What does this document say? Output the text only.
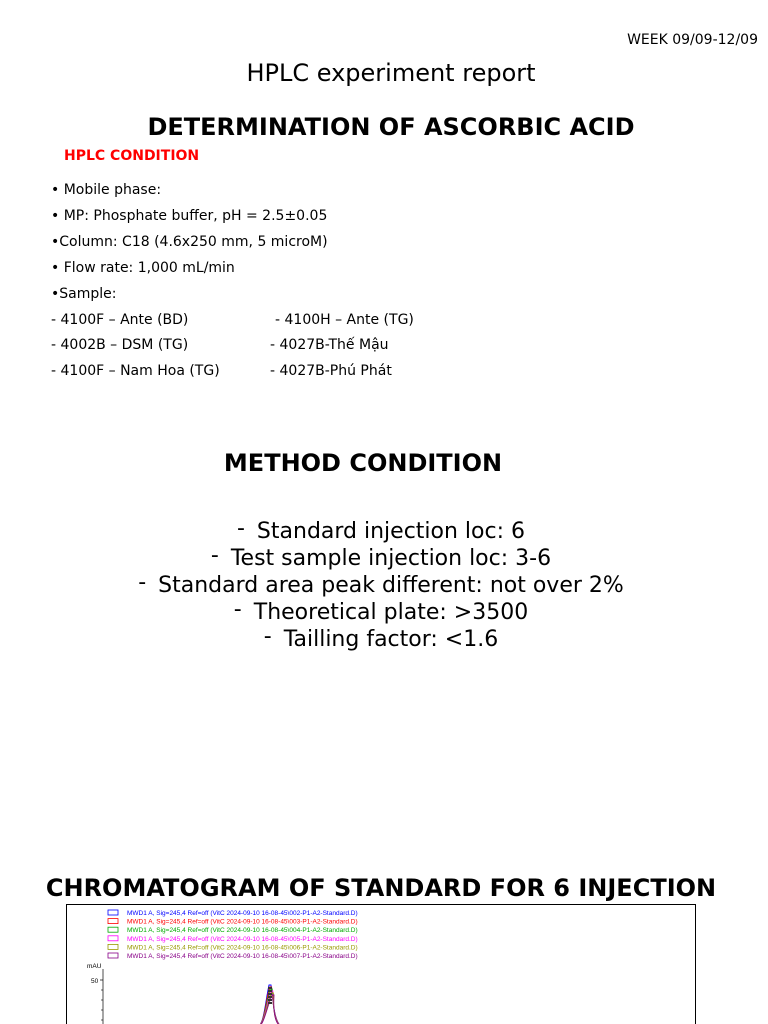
WEEK 09/09-12/09
HPLC experiment report
DETERMINATION OF ASCORBIC ACID
HPLC CONDITION
• Mobile phase:
• MP: Phosphate buffer, pH = 2.5±0.05
•Column: C18 (4.6x250 mm, 5 microM)
• Flow rate: 1,000 mL/min
•Sample:
- 4100F – Ante (BD)	- 4100H – Ante (TG)
- 4002B – DSM (TG)	- 4027B-Thế Mậu
- 4100F – Nam Hoa (TG)	- 4027B-Phú Phát
METHOD CONDITION
- Standard injection loc: 6
- Test sample injection loc: 3-6
- Standard area peak different: not over 2%
- Theoretical plate: >3500
- Tailling factor: <1.6
CHROMATOGRAM OF STANDARD FOR 6 INJECTION
MWD1 A, Sig=245,4 Ref=off (VitC 2024-09-10 16-08-45\002-P1-A2-Standard.D)
MWD1 A, Sig=245,4 Ref=off (VitC 2024-09-10 16-08-45\003-P1-A2-Standard.D)
MWD1 A, Sig=245,4 Ref=off (VitC 2024-09-10 16-08-45\004-P1-A2-Standard.D)
MWD1 A, Sig=245,4 Ref=off (VitC 2024-09-10 16-08-45\005-P1-A2-Standard.D)
MWD1 A, Sig=245,4 Ref=off (VitC 2024-09-10 16-08-45\006-P1-A2-Standard.D)
MWD1 A, Sig=245,4 Ref=off (VitC 2024-09-10 16-08-45\007-P1-A2-Standard.D)
mAU
50
